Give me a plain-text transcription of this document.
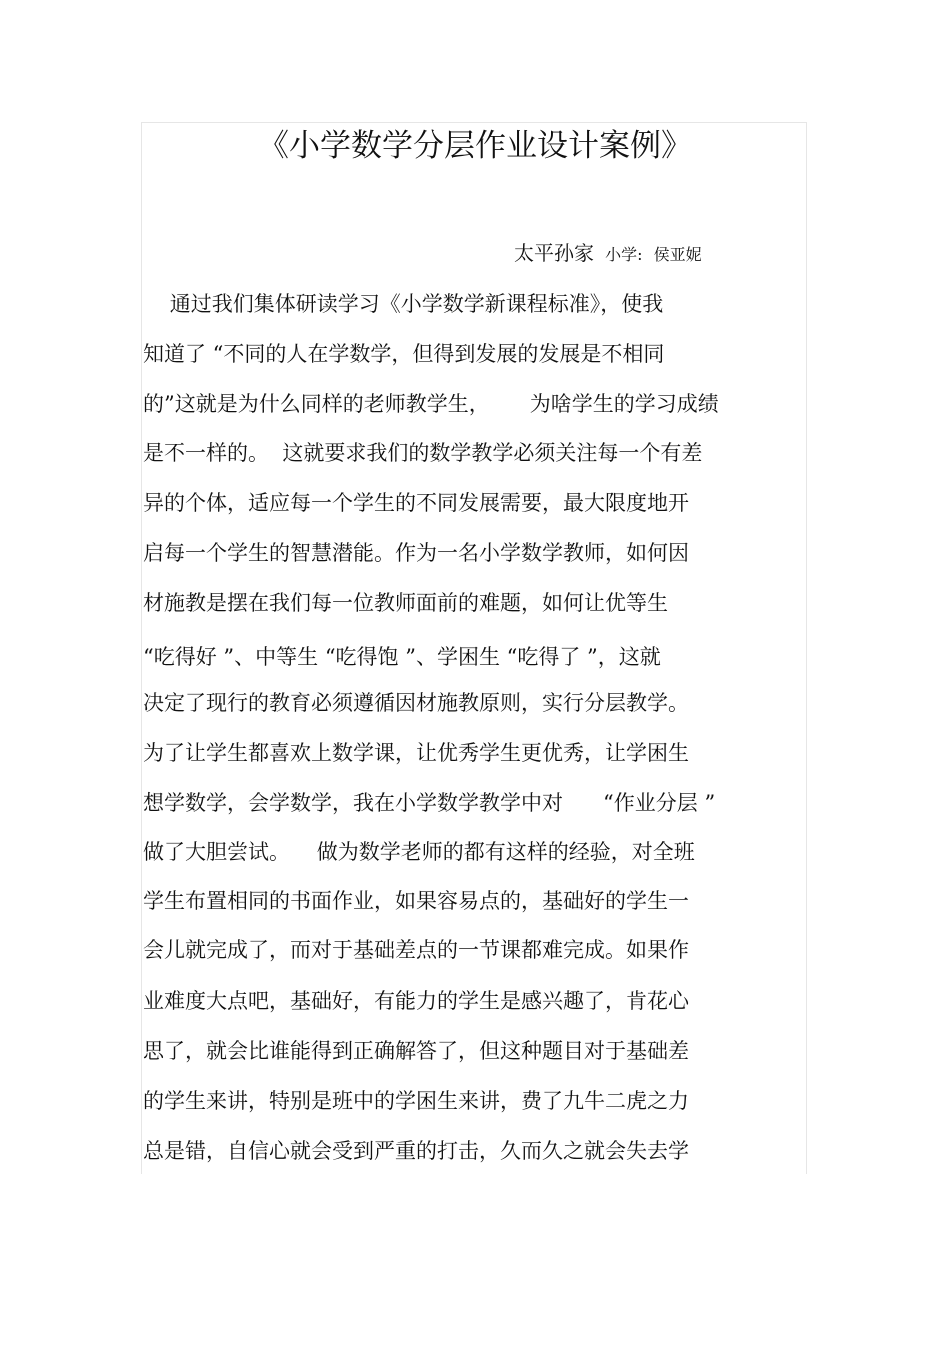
《小学数学分层作业设计案例》
太平孙家 小学: 侯亚妮
通过我们集体研读学习《小学数学新课程标准》，使我
知道了 “不同的人在学数学，但得到发展的发展是不相同
的”这就是为什么同样的老师教学生，      为啥学生的学习成绩
是不一样的。  这就要求我们的数学教学必须关注每一个有差
异的个体，适应每一个学生的不同发展需要，最大限度地开
启每一个学生的智慧潜能。作为一名小学数学教师，如何因
材施教是摆在我们每一位教师面前的难题，如何让优等生
“吃得好 ”、中等生 “吃得饱 ”、学困生 “吃得了 ”，这就
决定了现行的教育必须遵循因材施教原则，实行分层教学。
为了让学生都喜欢上数学课，让优秀学生更优秀，让学困生
想学数学，会学数学，我在小学数学教学中对      “作业分层 ”
做了大胆尝试。    做为数学老师的都有这样的经验，对全班
学生布置相同的书面作业，如果容易点的，基础好的学生一
会儿就完成了，而对于基础差点的一节课都难完成。如果作
业难度大点吧，基础好，有能力的学生是感兴趣了，肯花心
思了，就会比谁能得到正确解答了，但这种题目对于基础差
的学生来讲，特别是班中的学困生来讲，费了九牛二虎之力
总是错，自信心就会受到严重的打击，久而久之就会失去学
